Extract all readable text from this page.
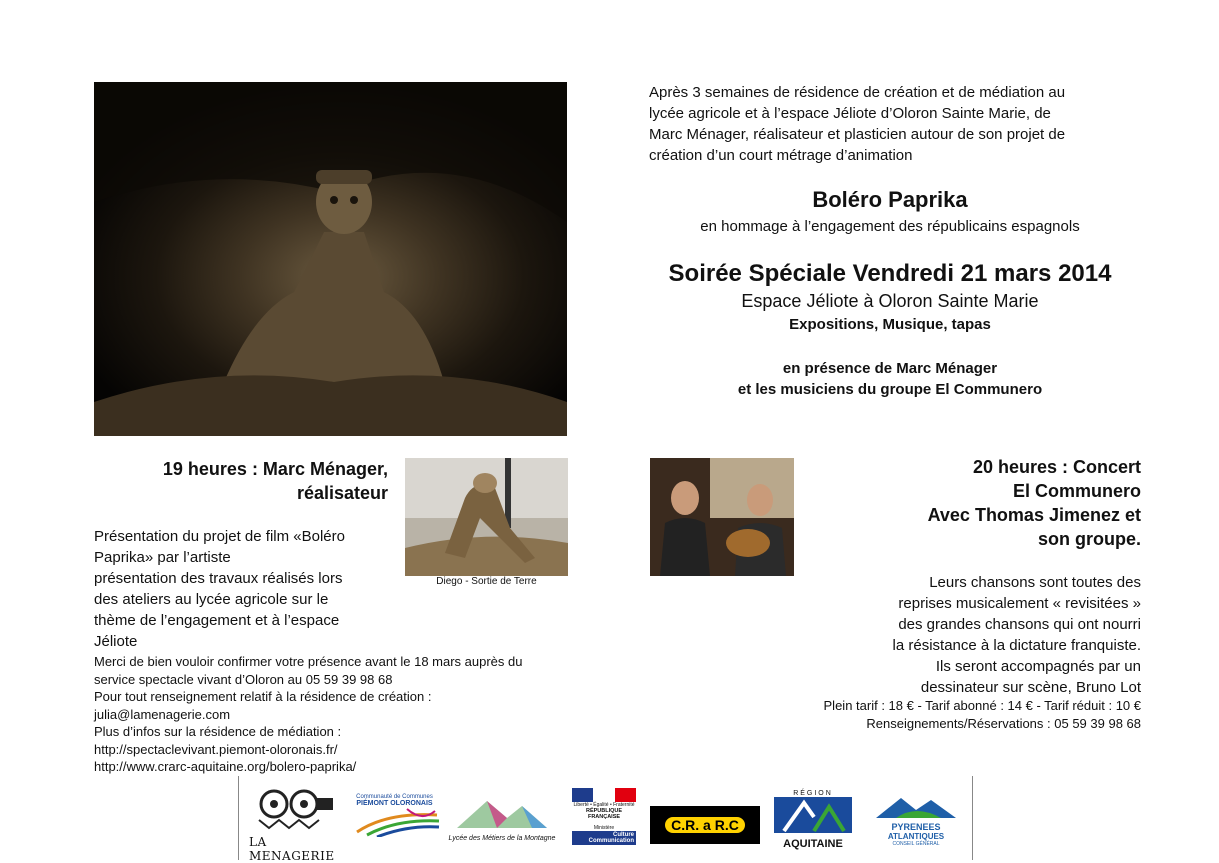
Après 3 semaines de résidence de création et de médiation au
lycée agricole et à l’espace Jéliote d’Oloron Sainte Marie, de
Marc Ménager, réalisateur et plasticien autour de son projet de
création d’un court métrage d’animation
Boléro Paprika
en hommage à l’engagement des républicains espagnols
Soirée Spéciale Vendredi 21 mars 2014
Espace Jéliote à Oloron Sainte Marie
Expositions, Musique, tapas
en présence de Marc Ménager
et les musiciens du groupe El Communero
19 heures : Marc Ménager,
réalisateur
Diego - Sortie de Terre
Présentation du projet de film «Boléro
Paprika» par l’artiste
présentation des travaux réalisés lors
des ateliers au lycée agricole sur le
thème de l’engagement et à l’espace
Jéliote
Merci de bien vouloir confirmer votre présence avant le 18 mars auprès du
service spectacle vivant d’Oloron au 05 59 39 98 68
Pour tout renseignement relatif à la résidence de création :
julia@lamenagerie.com
Plus d’infos sur la résidence de médiation :
http://spectaclevivant.piemont-oloronais.fr/
http://www.crarc-aquitaine.org/bolero-paprika/
20 heures : Concert
El Communero
Avec Thomas Jimenez et
son groupe.
Leurs chansons sont toutes des
reprises musicalement « revisitées »
des grandes chansons qui ont nourri
la résistance à la dictature franquiste.
Ils seront accompagnés par un
dessinateur sur scène, Bruno Lot
Plein tarif : 18 € - Tarif abonné : 14 € - Tarif réduit : 10 €
Renseignements/Réservations : 05 59 39 98 68
LA MENAGERIE
Communauté de Communes
PIÉMONT OLORONAIS
Lycée des Métiers de la Montagne
Liberté • Égalité • Fraternité
RÉPUBLIQUE FRANÇAISE
Ministère
Culture
Communication
C.R. a R.C
RÉGION
AQUITAINE
PYRENEES
ATLANTIQUES
CONSEIL GÉNÉRAL
